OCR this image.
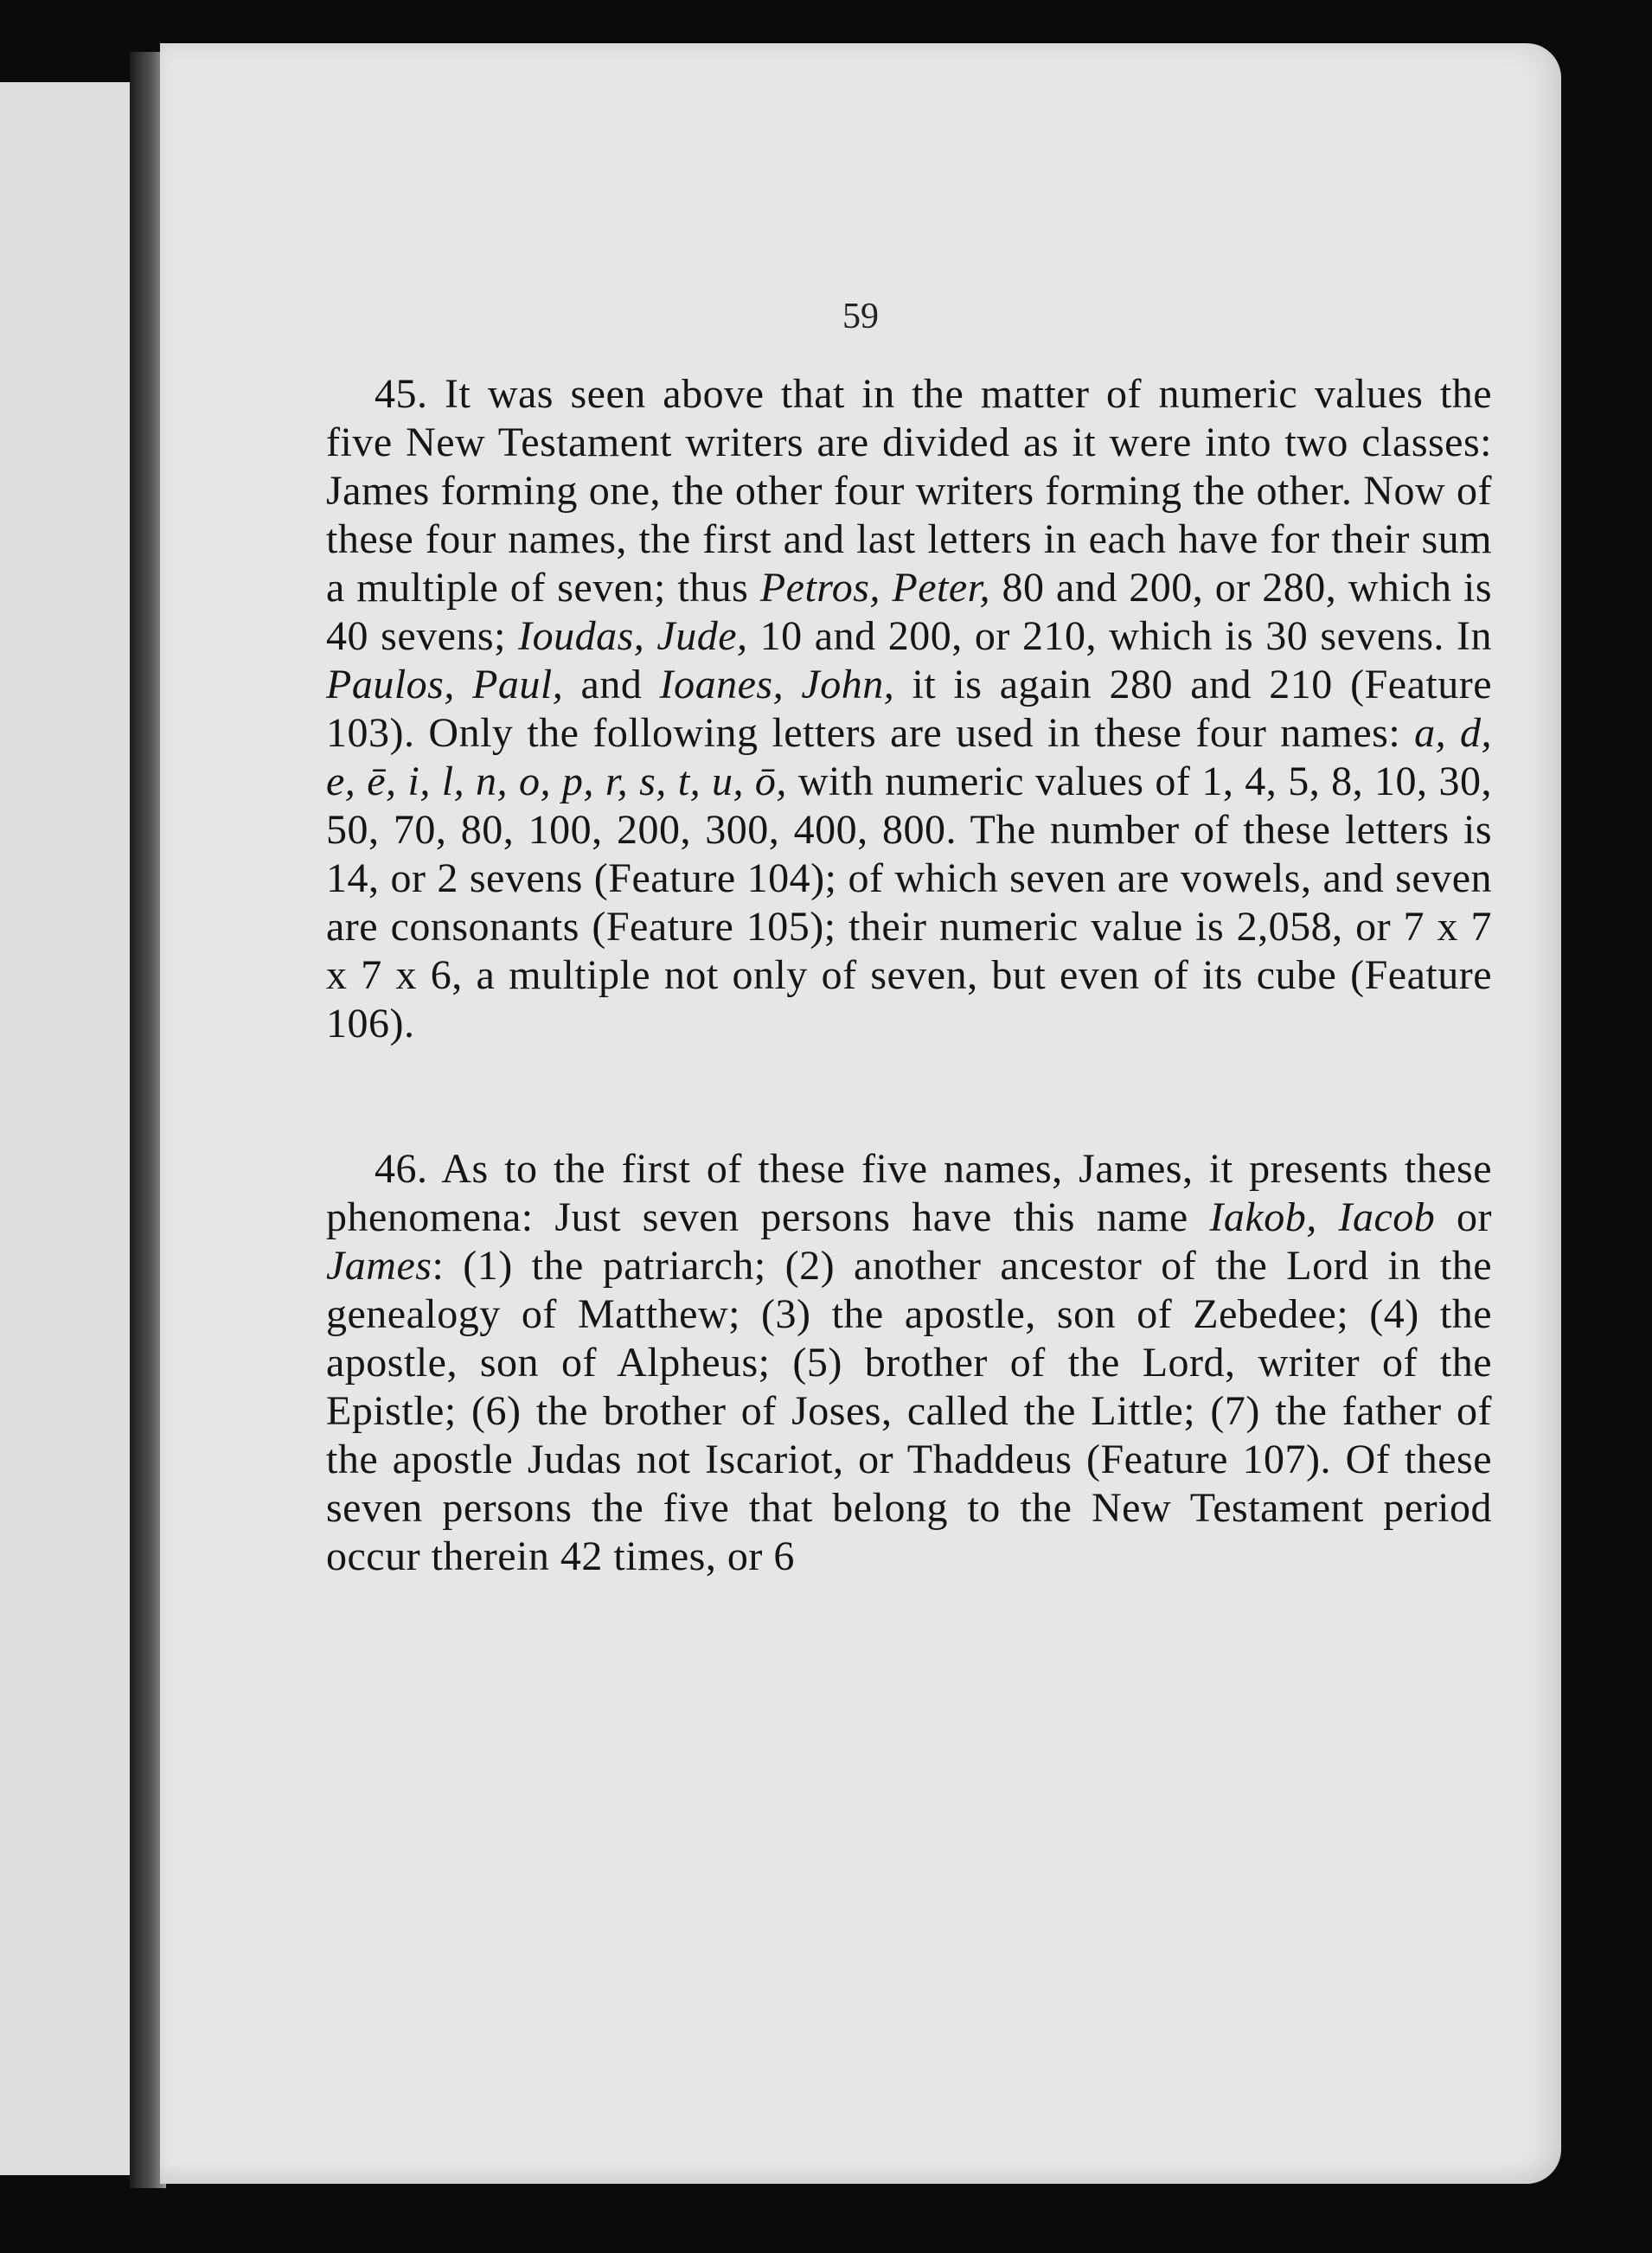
59

45. It was seen above that in the matter of numeric values the five New Testament writers are divided as it were into two classes: James forming one, the other four writers forming the other. Now of these four names, the first and last letters in each have for their sum a multiple of seven; thus Petros, Peter, 80 and 200, or 280, which is 40 sevens; Ioudas, Jude, 10 and 200, or 210, which is 30 sevens. In Paulos, Paul, and Ioanes, John, it is again 280 and 210 (Feature 103). Only the following letters are used in these four names: a, d, e, ē, i, l, n, o, p, r, s, t, u, ō, with numeric values of 1, 4, 5, 8, 10, 30, 50, 70, 80, 100, 200, 300, 400, 800. The number of these letters is 14, or 2 sevens (Feature 104); of which seven are vowels, and seven are consonants (Feature 105); their numeric value is 2,058, or 7 x 7 x 7 x 6, a multiple not only of seven, but even of its cube (Feature 106).

46. As to the first of these five names, James, it presents these phenomena: Just seven persons have this name Iakob, Iacob or James: (1) the patriarch; (2) another ancestor of the Lord in the genealogy of Matthew; (3) the apostle, son of Zebedee; (4) the apostle, son of Alpheus; (5) brother of the Lord, writer of the Epistle; (6) the brother of Joses, called the Little; (7) the father of the apostle Judas not Iscariot, or Thaddeus (Feature 107). Of these seven persons the five that belong to the New Testament period occur therein 42 times, or 6
